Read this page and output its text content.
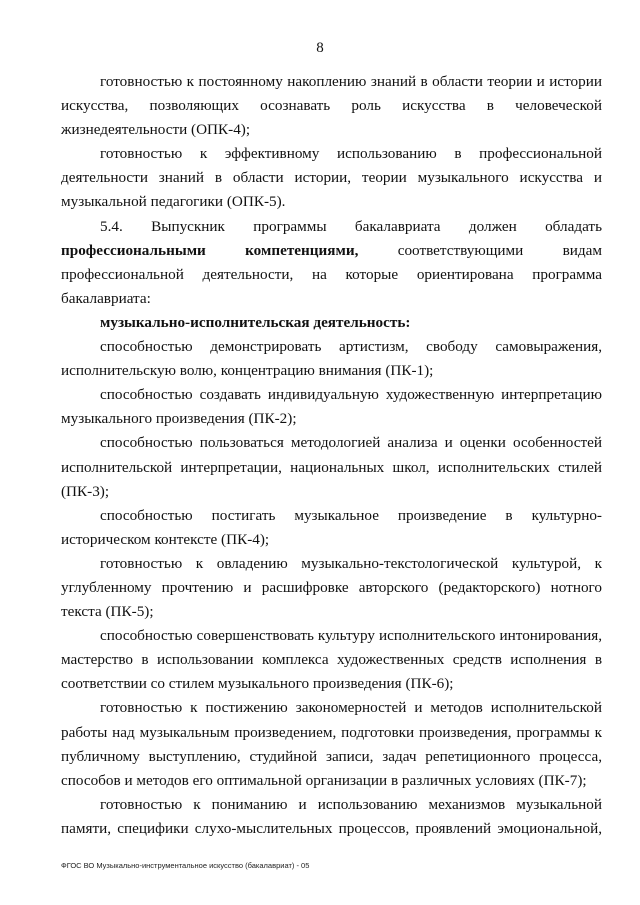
8

готовностью к постоянному накоплению знаний в области теории и истории
искусства, позволяющих осознавать роль искусства в человеческой
жизнедеятельности (ОПК-4);

готовностью к эффективному использованию в профессиональной
деятельности знаний в области истории, теории музыкального искусства и
музыкальной педагогики (ОПК-5).

5.4. Выпускник программы бакалавриата должен обладать
профессиональными	компетенциями,	соответствующими	видам
профессиональной деятельности, на которые ориентирована программа
бакалавриата:

музыкально-исполнительская деятельность:

способностью демонстрировать артистизм, свободу самовыражения,
исполнительскую волю, концентрацию внимания (ПК-1);

способностью создавать индивидуальную художественную интерпретацию
музыкального произведения (ПК-2);

способностью пользоваться методологией анализа и оценки особенностей
исполнительской интерпретации, национальных школ, исполнительских стилей
(ПК-3);

способностью постигать музыкальное произведение в культурно-
историческом контексте (ПК-4);

готовностью к овладению музыкально-текстологической культурой, к
углубленному прочтению и расшифровке авторского (редакторского) нотного
текста (ПК-5);

способностью совершенствовать культуру исполнительского интонирования,
мастерство в использовании комплекса художественных средств исполнения в
соответствии со стилем музыкального произведения (ПК-6);

готовностью к постижению закономерностей и методов исполнительской
работы над музыкальным произведением, подготовки произведения, программы к
публичному выступлению, студийной записи, задач репетиционного процесса,
способов и методов его оптимальной организации в различных условиях (ПК-7);

готовностью к пониманию и использованию механизмов музыкальной
памяти, специфики слухо-мыслительных процессов, проявлений эмоциональной,

ФГОС ВО Музыкально-инструментальное искусство (бакалавриат) - 05
